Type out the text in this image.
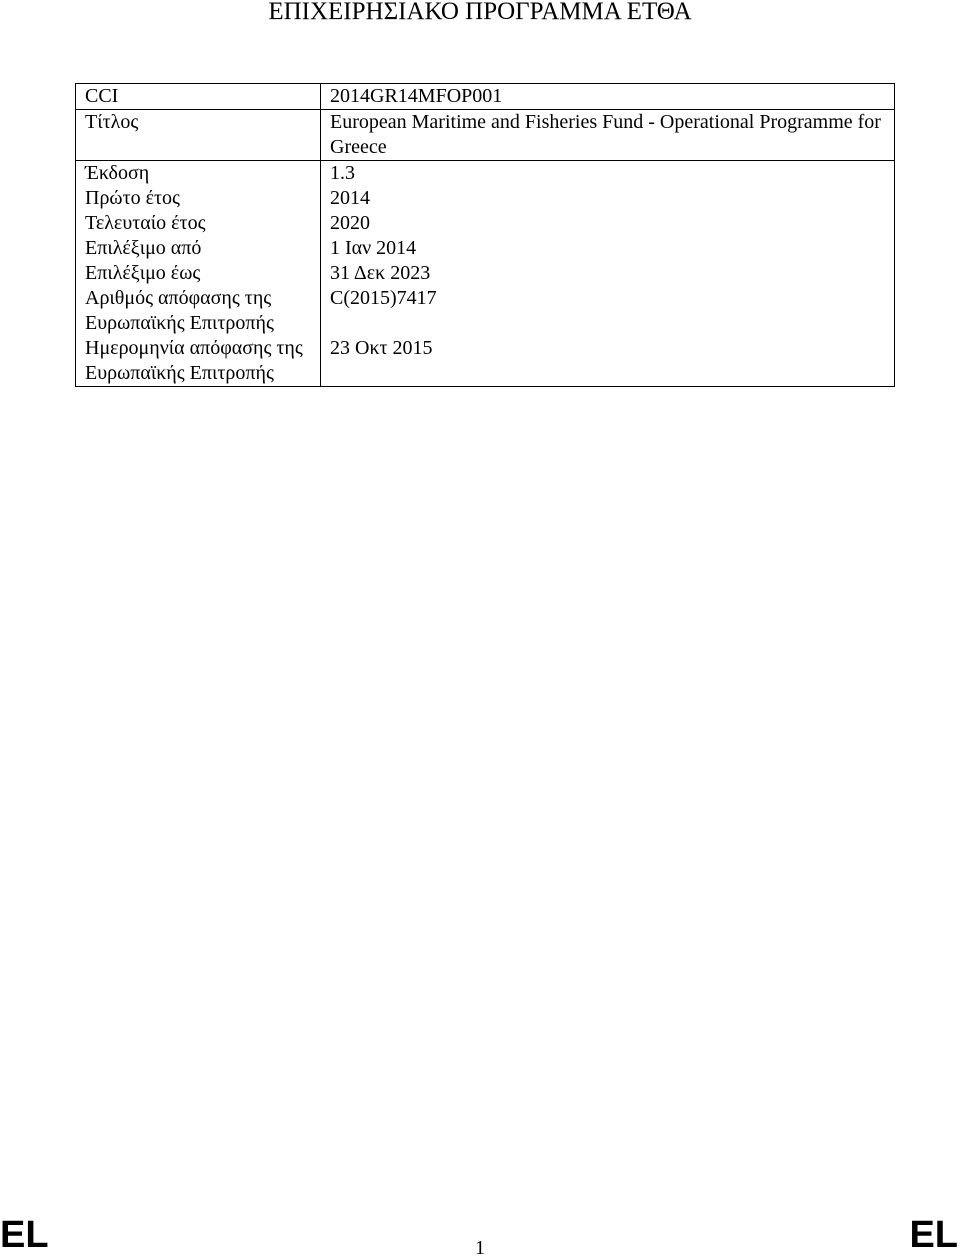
ΕΠΙΧΕΙΡΗΣΙΑΚΟ ΠΡΟΓΡΑΜΜΑ ΕΤΘΑ
CCI	2014GR14MFOP001
Τίτλος	European Maritime and Fisheries Fund - Operational Programme for Greece
Έκδοση	1.3
Πρώτο έτος	2014
Τελευταίο έτος	2020
Επιλέξιμο από	1 Ιαν 2014
Επιλέξιμο έως	31 Δεκ 2023
Αριθμός απόφασης της Ευρωπαϊκής Επιτροπής	C(2015)7417
Ημερομηνία απόφασης της Ευρωπαϊκής Επιτροπής	23 Οκτ 2015
EL	1	EL
